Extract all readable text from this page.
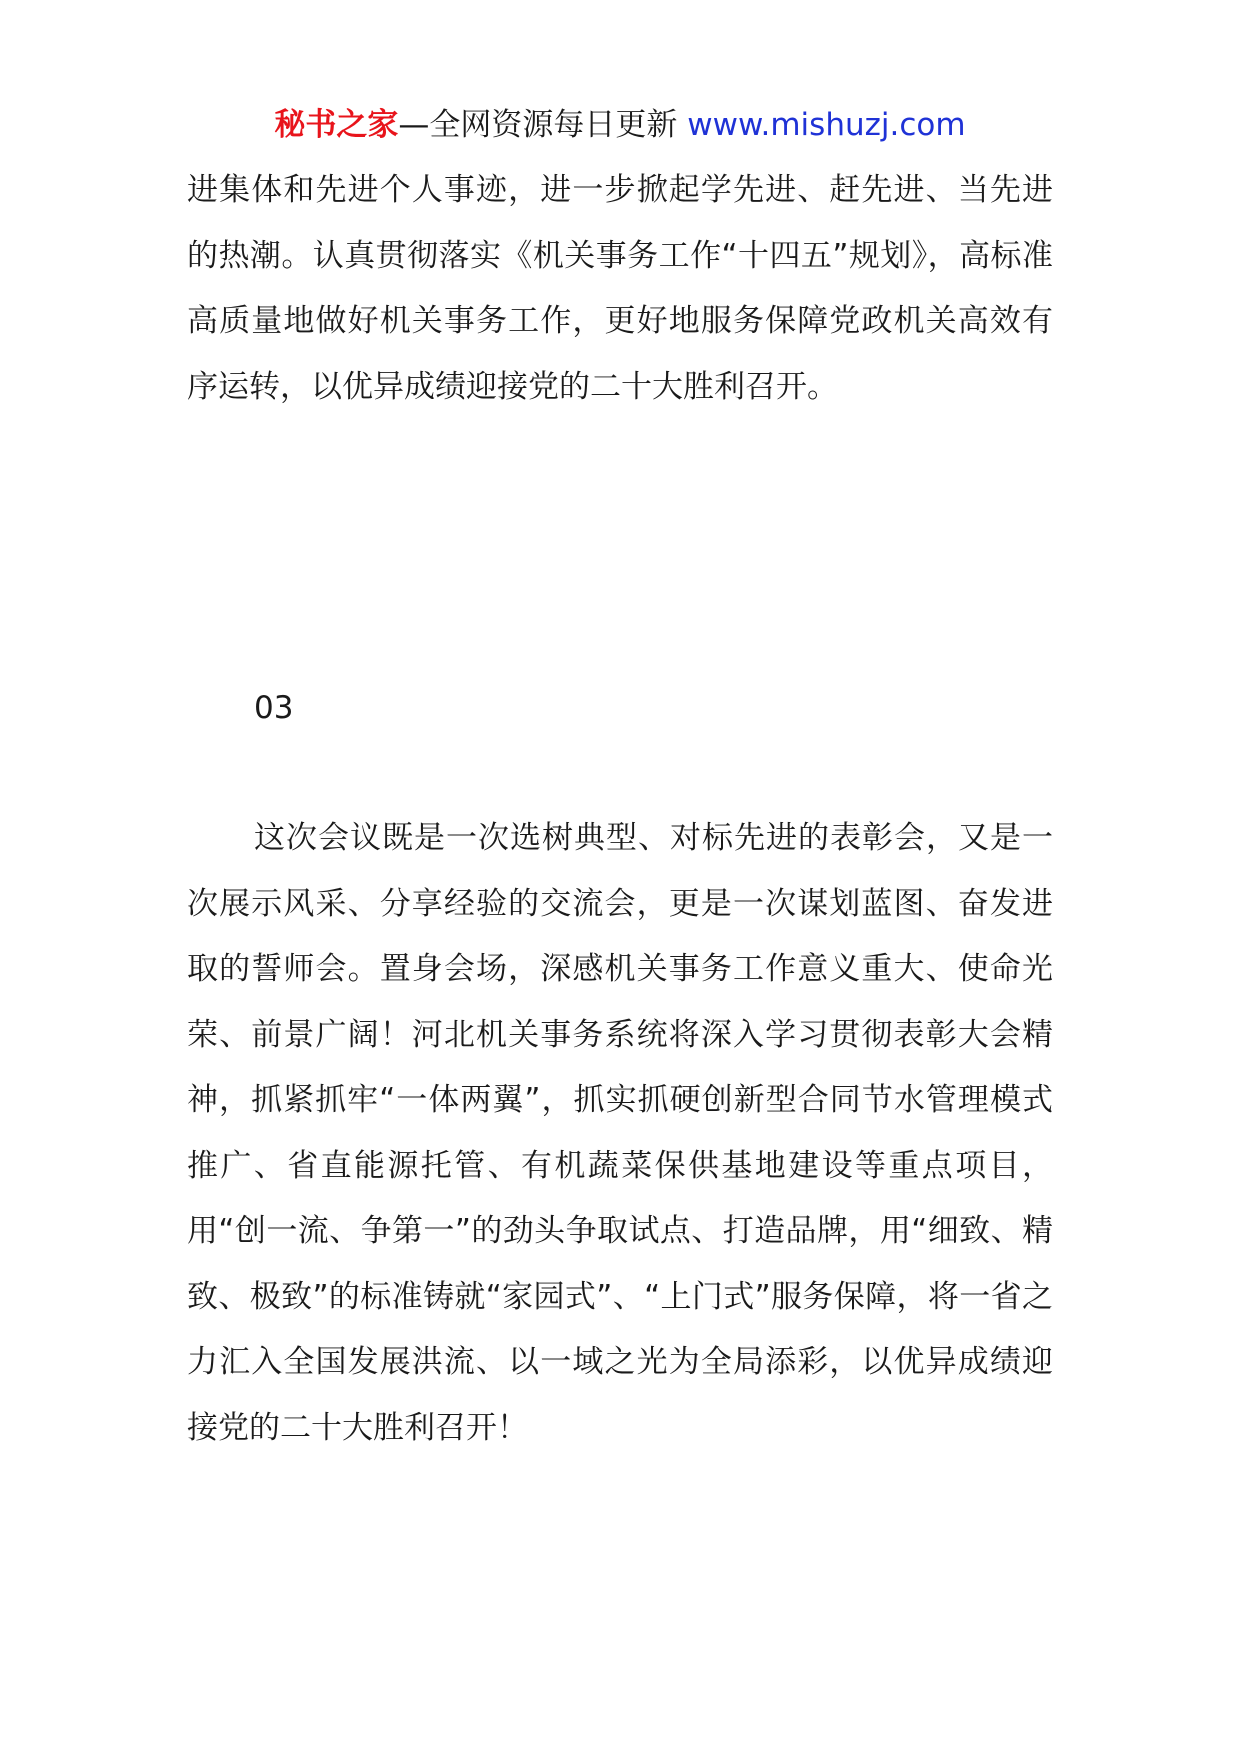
秘书之家—全网资源每日更新 www.mishuzj.com

进集体和先进个人事迹，进一步掀起学先进、赶先进、当先进的热潮。认真贯彻落实《机关事务工作“十四五”规划》，高标准高质量地做好机关事务工作，更好地服务保障党政机关高效有序运转，以优异成绩迎接党的二十大胜利召开。

03

这次会议既是一次选树典型、对标先进的表彰会，又是一次展示风采、分享经验的交流会，更是一次谋划蓝图、奋发进取的誓师会。置身会场，深感机关事务工作意义重大、使命光荣、前景广阔！河北机关事务系统将深入学习贯彻表彰大会精神，抓紧抓牢“一体两翼”，抓实抓硬创新型合同节水管理模式推广、省直能源托管、有机蔬菜保供基地建设等重点项目，用“创一流、争第一”的劲头争取试点、打造品牌，用“细致、精致、极致”的标准铸就“家园式”、“上门式”服务保障，将一省之力汇入全国发展洪流、以一域之光为全局添彩，以优异成绩迎接党的二十大胜利召开！
